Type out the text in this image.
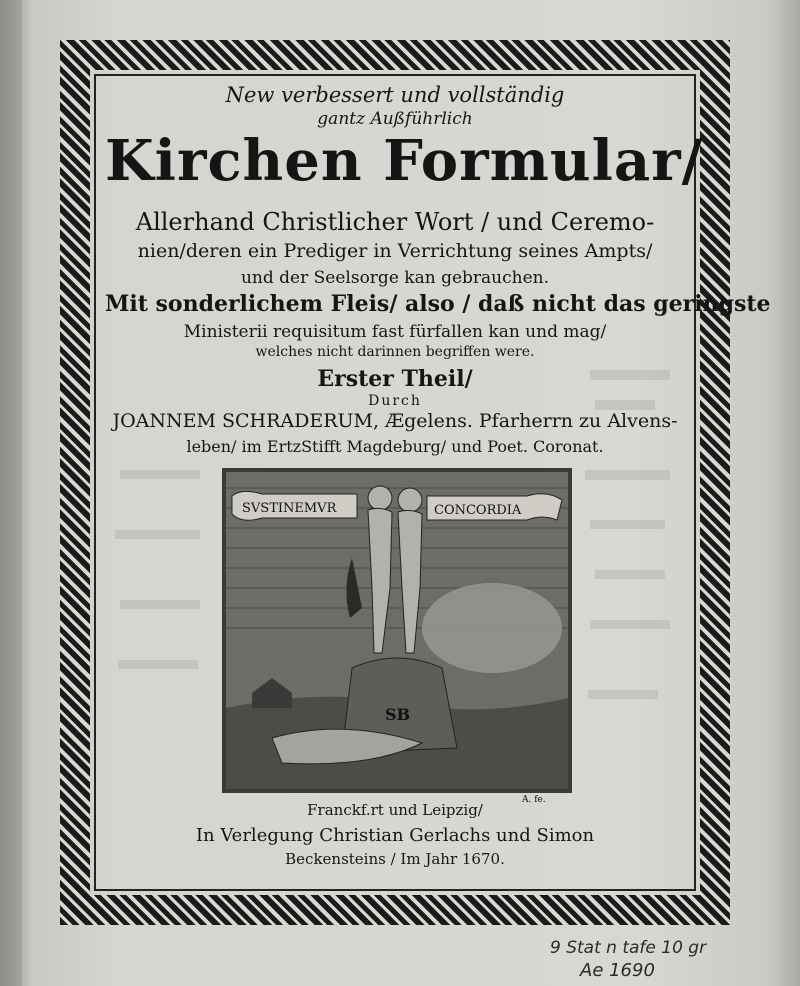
New verbessert und vollständig
gantz Außführlich
Kirchen Formular/
Allerhand Christlicher Wort / und Ceremo-
nien/deren ein Prediger in Verrichtung seines Ampts/
und der Seelsorge kan gebrauchen.
Mit sonderlichem Fleis/ also / daß nicht das geringste
Ministerii requisitum fast fürfallen kan und mag/
welches nicht darinnen begriffen were.
Erster Theil/
Durch
JOANNEM SCHRADERUM, Ægelens. Pfarherrn zu Alvens-
leben/ im ErtzStifft Magdeburg/ und Poet. Coronat.
Franckf.rt und Leipzig/
In Verlegung Christian Gerlachs und Simon
Beckensteins / Im Jahr 1670.
SVSTINEMVR	CONCORDIA
SB
A. fe.
9 Stat n tafe 10 gr
Ae 1690
